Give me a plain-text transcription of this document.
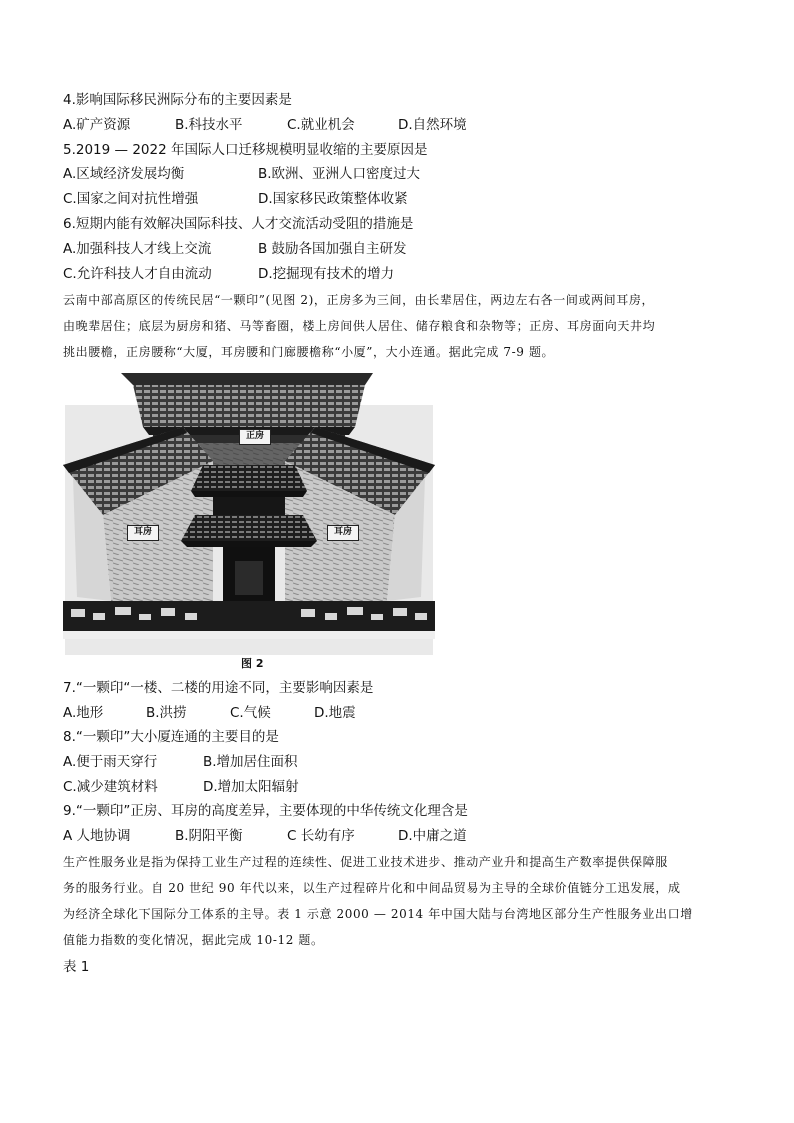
4.影响国际移民洲际分布的主要因素是
A.矿产资源	B.科技水平	C.就业机会	D.自然环境
5.2019 — 2022 年国际人口迁移规模明显收缩的主要原因是
A.区域经济发展均衡	B.欧洲、亚洲人口密度过大
C.国家之间对抗性增强	D.国家移民政策整体收紧
6.短期内能有效解决国际科技、人才交流活动受阻的措施是
A.加强科技人才线上交流	B 鼓励各国加强自主研发
C.允许科技人才自由流动	D.挖掘现有技术的增力
云南中部高原区的传统民居“一颗印”(见图 2)，正房多为三间，由长辈居住，两边左右各一间或两间耳房，
由晚辈居住；底层为厨房和猪、马等畜圈，楼上房间供人居住、储存粮食和杂物等；正房、耳房面向天井均
挑出腰檐，正房腰称“大厦，耳房腰和门廊腰檐称“小厦”，大小连通。据此完成 7-9 题。
正房
耳房	耳房
图 2
7.“一颗印“一楼、二楼的用途不同，主要影响因素是
A.地形	B.洪捞	C.气候	D.地震
8.“一颗印”大小厦连通的主要目的是
A.便于雨天穿行	B.增加居住面积
C.减少建筑材料	D.增加太阳辐射
9.“一颗印”正房、耳房的高度差异，主要体现的中华传统文化理含是
A 人地协调	B.阴阳平衡	C 长幼有序	D.中庸之道
生产性服务业是指为保持工业生产过程的连续性、促进工业技术进步、推动产业升和提高生产数率提供保障服
务的服务行业。自 20 世纪 90 年代以来，以生产过程碎片化和中间品贸易为主导的全球价值链分工迅发展，成
为经济全球化下国际分工体系的主导。表 1 示意 2000 — 2014 年中国大陆与台湾地区部分生产性服务业出口增
值能力指数的变化情况，据此完成 10-12 题。
表 1
